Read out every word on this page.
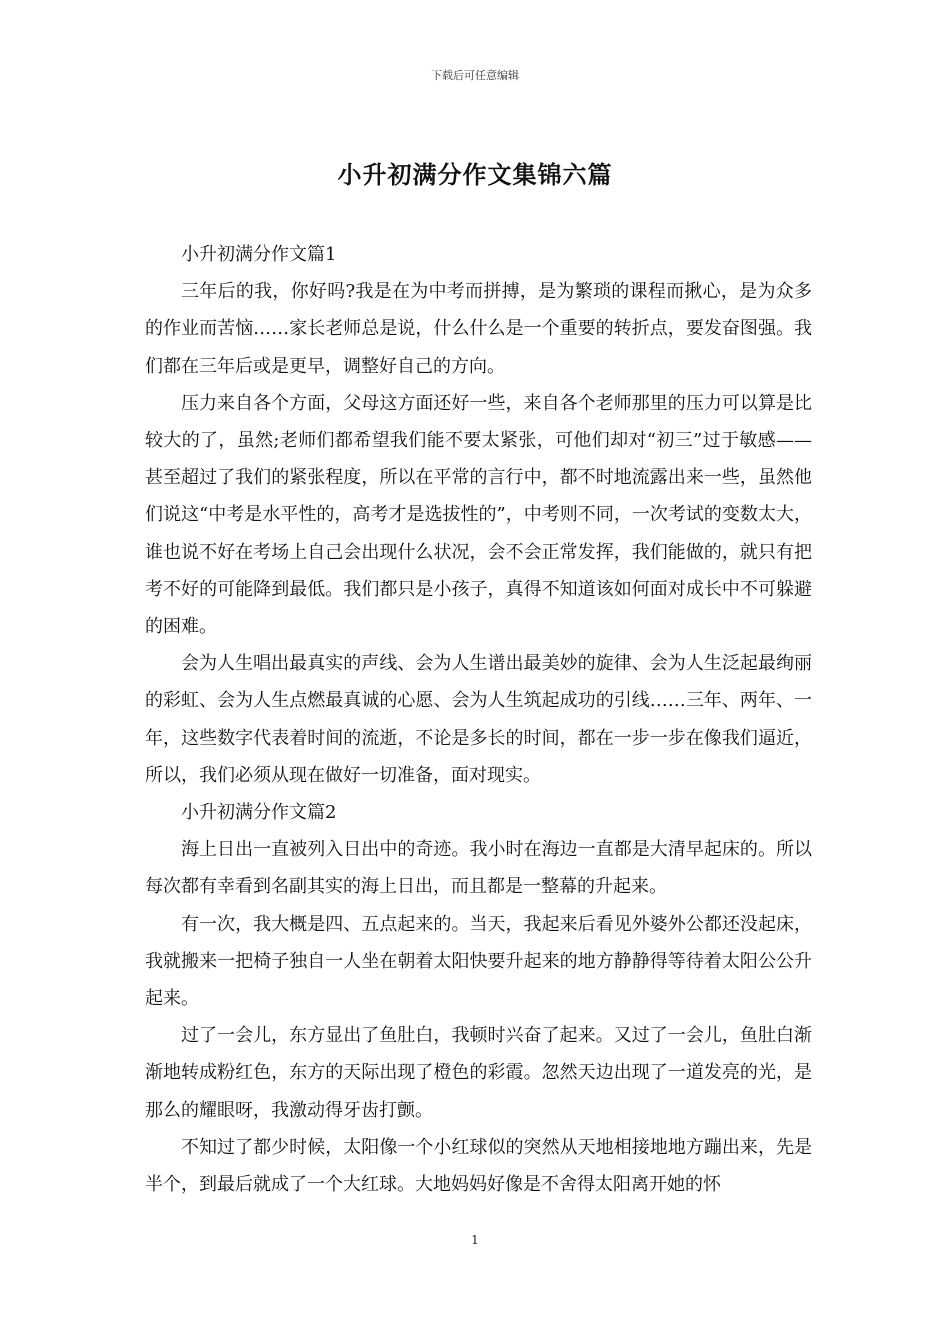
下载后可任意编辑
小升初满分作文集锦六篇

小升初满分作文篇1

三年后的我，你好吗?我是在为中考而拼搏，是为繁琐的课程而揪心，是为众多的作业而苦恼……家长老师总是说，什么什么是一个重要的转折点，要发奋图强。我们都在三年后或是更早，调整好自己的方向。

压力来自各个方面，父母这方面还好一些，来自各个老师那里的压力可以算是比较大的了，虽然;老师们都希望我们能不要太紧张，可他们却对“初三”过于敏感——甚至超过了我们的紧张程度，所以在平常的言行中，都不时地流露出来一些，虽然他们说这“中考是水平性的，高考才是选拔性的”，中考则不同，一次考试的变数太大，谁也说不好在考场上自己会出现什么状况，会不会正常发挥，我们能做的，就只有把考不好的可能降到最低。我们都只是小孩子，真得不知道该如何面对成长中不可躲避的困难。

会为人生唱出最真实的声线、会为人生谱出最美妙的旋律、会为人生泛起最绚丽的彩虹、会为人生点燃最真诚的心愿、会为人生筑起成功的引线……三年、两年、一年，这些数字代表着时间的流逝，不论是多长的时间，都在一步一步在像我们逼近，所以，我们必须从现在做好一切准备，面对现实。

小升初满分作文篇2

海上日出一直被列入日出中的奇迹。我小时在海边一直都是大清早起床的。所以每次都有幸看到名副其实的海上日出，而且都是一整幕的升起来。

有一次，我大概是四、五点起来的。当天，我起来后看见外婆外公都还没起床，我就搬来一把椅子独自一人坐在朝着太阳快要升起来的地方静静得等待着太阳公公升起来。

过了一会儿，东方显出了鱼肚白，我顿时兴奋了起来。又过了一会儿，鱼肚白渐渐地转成粉红色，东方的天际出现了橙色的彩霞。忽然天边出现了一道发亮的光，是那么的耀眼呀，我激动得牙齿打颤。

不知过了都少时候，太阳像一个小红球似的突然从天地相接地地方蹦出来，先是半个，到最后就成了一个大红球。大地妈妈好像是不舍得太阳离开她的怀

1
